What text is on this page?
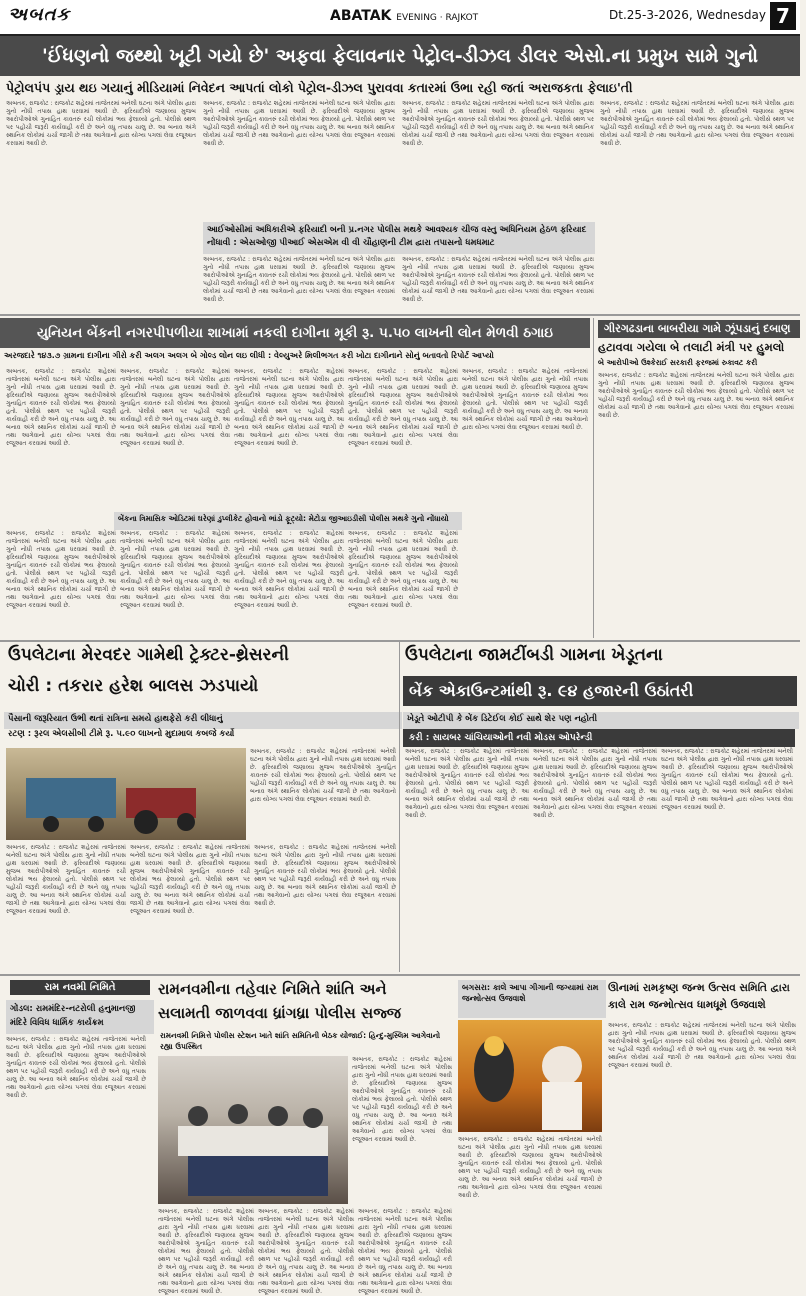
અબતક	ABATAK EVENING · RAJKOT	Dt.25-3-2026, Wednesday 7
'ઈંધણનો જથ્થો ખૂટી ગયો છે' અફવા ફેલાવનાર પેટ્રોલ-ડીઝલ ડીલર એસો.ના પ્રમુખ સામે ગુનો
પેટ્રોલપંપ ડ્રાય થઇ ગયાનું મીડિયામાં નિવેદન આપતાં લોકો પેટ્રોલ-ડીઝલ પુરાવવા કતારમાં ઉભા રહી જતાં અરાજકતા ફેલાઇ'તી
અબતક, રાજકોટ : રાજકોટ શહેરમાં તાજેતરમાં બનેલી ઘટના અંગે પોલીસ દ્વારા ગુનો નોંધી તપાસ હાથ ધરવામાં આવી છે. ફરિયાદીએ જણાવ્યા મુજબ આરોપીઓએ ગુનાહિત કાવતરું રચી લોકોમાં ભય ફેલાવ્યો હતો. પોલીસે સ્થળ પર પહોંચી જરૂરી કાર્યવાહી કરી છે અને વધુ તપાસ ચાલુ છે. આ બનાવ અંગે સ્થાનિક લોકોમાં ચર્ચા જાગી છે તથા આગેવાનો દ્વારા યોગ્ય પગલાં લેવા રજૂઆત કરવામાં આવી છે.
અબતક, રાજકોટ : રાજકોટ શહેરમાં તાજેતરમાં બનેલી ઘટના અંગે પોલીસ દ્વારા ગુનો નોંધી તપાસ હાથ ધરવામાં આવી છે. ફરિયાદીએ જણાવ્યા મુજબ આરોપીઓએ ગુનાહિત કાવતરું રચી લોકોમાં ભય ફેલાવ્યો હતો. પોલીસે સ્થળ પર પહોંચી જરૂરી કાર્યવાહી કરી છે અને વધુ તપાસ ચાલુ છે. આ બનાવ અંગે સ્થાનિક લોકોમાં ચર્ચા જાગી છે તથા આગેવાનો દ્વારા યોગ્ય પગલાં લેવા રજૂઆત કરવામાં આવી છે.
અબતક, રાજકોટ : રાજકોટ શહેરમાં તાજેતરમાં બનેલી ઘટના અંગે પોલીસ દ્વારા ગુનો નોંધી તપાસ હાથ ધરવામાં આવી છે. ફરિયાદીએ જણાવ્યા મુજબ આરોપીઓએ ગુનાહિત કાવતરું રચી લોકોમાં ભય ફેલાવ્યો હતો. પોલીસે સ્થળ પર પહોંચી જરૂરી કાર્યવાહી કરી છે અને વધુ તપાસ ચાલુ છે. આ બનાવ અંગે સ્થાનિક લોકોમાં ચર્ચા જાગી છે તથા આગેવાનો દ્વારા યોગ્ય પગલાં લેવા રજૂઆત કરવામાં આવી છે.
અબતક, રાજકોટ : રાજકોટ શહેરમાં તાજેતરમાં બનેલી ઘટના અંગે પોલીસ દ્વારા ગુનો નોંધી તપાસ હાથ ધરવામાં આવી છે. ફરિયાદીએ જણાવ્યા મુજબ આરોપીઓએ ગુનાહિત કાવતરું રચી લોકોમાં ભય ફેલાવ્યો હતો. પોલીસે સ્થળ પર પહોંચી જરૂરી કાર્યવાહી કરી છે અને વધુ તપાસ ચાલુ છે. આ બનાવ અંગે સ્થાનિક લોકોમાં ચર્ચા જાગી છે તથા આગેવાનો દ્વારા યોગ્ય પગલાં લેવા રજૂઆત કરવામાં આવી છે.
આઈઓસીમાં અધિકારીએ ફરિયાદી બની પ્ર.નગર પોલીસ મથકે આવશ્યક ચીજ વસ્તુ અધિનિયમ હેઠળ ફરિયાદ નોંધાવી : એસઓજી પીઆઈ એસએમ વી વી ચૌહાણની ટીમ દ્વારા તપાસનો ધમધમાટ
અબતક, રાજકોટ : રાજકોટ શહેરમાં તાજેતરમાં બનેલી ઘટના અંગે પોલીસ દ્વારા ગુનો નોંધી તપાસ હાથ ધરવામાં આવી છે. ફરિયાદીએ જણાવ્યા મુજબ આરોપીઓએ ગુનાહિત કાવતરું રચી લોકોમાં ભય ફેલાવ્યો હતો. પોલીસે સ્થળ પર પહોંચી જરૂરી કાર્યવાહી કરી છે અને વધુ તપાસ ચાલુ છે. આ બનાવ અંગે સ્થાનિક લોકોમાં ચર્ચા જાગી છે તથા આગેવાનો દ્વારા યોગ્ય પગલાં લેવા રજૂઆત કરવામાં આવી છે.
અબતક, રાજકોટ : રાજકોટ શહેરમાં તાજેતરમાં બનેલી ઘટના અંગે પોલીસ દ્વારા ગુનો નોંધી તપાસ હાથ ધરવામાં આવી છે. ફરિયાદીએ જણાવ્યા મુજબ આરોપીઓએ ગુનાહિત કાવતરું રચી લોકોમાં ભય ફેલાવ્યો હતો. પોલીસે સ્થળ પર પહોંચી જરૂરી કાર્યવાહી કરી છે અને વધુ તપાસ ચાલુ છે. આ બનાવ અંગે સ્થાનિક લોકોમાં ચર્ચા જાગી છે તથા આગેવાનો દ્વારા યોગ્ય પગલાં લેવા રજૂઆત કરવામાં આવી છે.
યુનિયન બેંકની નગરપીપળીયા શાખામાં નકલી દાગીના મૂકી રૂ. ૫.૫૦ લાખની લોન મેળવી ઠગાઇ
અરજદારે ૧૪૩.૭ ગ્રામના દાગીના ગીરો કરી અલગ અલગ બે ગોલ્ડ લોન લઇ લીધી : વેલ્યુઅરે મિલીભગત કરી ખોટા દાગીનાને સોનું બતાવતો રિપોર્ટ આપ્યો
અબતક, રાજકોટ : રાજકોટ શહેરમાં તાજેતરમાં બનેલી ઘટના અંગે પોલીસ દ્વારા ગુનો નોંધી તપાસ હાથ ધરવામાં આવી છે. ફરિયાદીએ જણાવ્યા મુજબ આરોપીઓએ ગુનાહિત કાવતરું રચી લોકોમાં ભય ફેલાવ્યો હતો. પોલીસે સ્થળ પર પહોંચી જરૂરી કાર્યવાહી કરી છે અને વધુ તપાસ ચાલુ છે. આ બનાવ અંગે સ્થાનિક લોકોમાં ચર્ચા જાગી છે તથા આગેવાનો દ્વારા યોગ્ય પગલાં લેવા રજૂઆત કરવામાં આવી છે.
અબતક, રાજકોટ : રાજકોટ શહેરમાં તાજેતરમાં બનેલી ઘટના અંગે પોલીસ દ્વારા ગુનો નોંધી તપાસ હાથ ધરવામાં આવી છે. ફરિયાદીએ જણાવ્યા મુજબ આરોપીઓએ ગુનાહિત કાવતરું રચી લોકોમાં ભય ફેલાવ્યો હતો. પોલીસે સ્થળ પર પહોંચી જરૂરી કાર્યવાહી કરી છે અને વધુ તપાસ ચાલુ છે. આ બનાવ અંગે સ્થાનિક લોકોમાં ચર્ચા જાગી છે તથા આગેવાનો દ્વારા યોગ્ય પગલાં લેવા રજૂઆત કરવામાં આવી છે.
અબતક, રાજકોટ : રાજકોટ શહેરમાં તાજેતરમાં બનેલી ઘટના અંગે પોલીસ દ્વારા ગુનો નોંધી તપાસ હાથ ધરવામાં આવી છે. ફરિયાદીએ જણાવ્યા મુજબ આરોપીઓએ ગુનાહિત કાવતરું રચી લોકોમાં ભય ફેલાવ્યો હતો. પોલીસે સ્થળ પર પહોંચી જરૂરી કાર્યવાહી કરી છે અને વધુ તપાસ ચાલુ છે. આ બનાવ અંગે સ્થાનિક લોકોમાં ચર્ચા જાગી છે તથા આગેવાનો દ્વારા યોગ્ય પગલાં લેવા રજૂઆત કરવામાં આવી છે.
અબતક, રાજકોટ : રાજકોટ શહેરમાં તાજેતરમાં બનેલી ઘટના અંગે પોલીસ દ્વારા ગુનો નોંધી તપાસ હાથ ધરવામાં આવી છે. ફરિયાદીએ જણાવ્યા મુજબ આરોપીઓએ ગુનાહિત કાવતરું રચી લોકોમાં ભય ફેલાવ્યો હતો. પોલીસે સ્થળ પર પહોંચી જરૂરી કાર્યવાહી કરી છે અને વધુ તપાસ ચાલુ છે. આ બનાવ અંગે સ્થાનિક લોકોમાં ચર્ચા જાગી છે તથા આગેવાનો દ્વારા યોગ્ય પગલાં લેવા રજૂઆત કરવામાં આવી છે.
અબતક, રાજકોટ : રાજકોટ શહેરમાં તાજેતરમાં બનેલી ઘટના અંગે પોલીસ દ્વારા ગુનો નોંધી તપાસ હાથ ધરવામાં આવી છે. ફરિયાદીએ જણાવ્યા મુજબ આરોપીઓએ ગુનાહિત કાવતરું રચી લોકોમાં ભય ફેલાવ્યો હતો. પોલીસે સ્થળ પર પહોંચી જરૂરી કાર્યવાહી કરી છે અને વધુ તપાસ ચાલુ છે. આ બનાવ અંગે સ્થાનિક લોકોમાં ચર્ચા જાગી છે તથા આગેવાનો દ્વારા યોગ્ય પગલાં લેવા રજૂઆત કરવામાં આવી છે.
બેંકના ત્રિમાસિક ઓડિટમાં ઘરેણાં ડુપ્લીકેટ હોવાનો ભાંડો ફૂટ્યો: મેટોડા જીઆઇડીસી પોલીસ મથકે ગુનો નોંધાયો
અબતક, રાજકોટ : રાજકોટ શહેરમાં તાજેતરમાં બનેલી ઘટના અંગે પોલીસ દ્વારા ગુનો નોંધી તપાસ હાથ ધરવામાં આવી છે. ફરિયાદીએ જણાવ્યા મુજબ આરોપીઓએ ગુનાહિત કાવતરું રચી લોકોમાં ભય ફેલાવ્યો હતો. પોલીસે સ્થળ પર પહોંચી જરૂરી કાર્યવાહી કરી છે અને વધુ તપાસ ચાલુ છે. આ બનાવ અંગે સ્થાનિક લોકોમાં ચર્ચા જાગી છે તથા આગેવાનો દ્વારા યોગ્ય પગલાં લેવા રજૂઆત કરવામાં આવી છે.
અબતક, રાજકોટ : રાજકોટ શહેરમાં તાજેતરમાં બનેલી ઘટના અંગે પોલીસ દ્વારા ગુનો નોંધી તપાસ હાથ ધરવામાં આવી છે. ફરિયાદીએ જણાવ્યા મુજબ આરોપીઓએ ગુનાહિત કાવતરું રચી લોકોમાં ભય ફેલાવ્યો હતો. પોલીસે સ્થળ પર પહોંચી જરૂરી કાર્યવાહી કરી છે અને વધુ તપાસ ચાલુ છે. આ બનાવ અંગે સ્થાનિક લોકોમાં ચર્ચા જાગી છે તથા આગેવાનો દ્વારા યોગ્ય પગલાં લેવા રજૂઆત કરવામાં આવી છે.
અબતક, રાજકોટ : રાજકોટ શહેરમાં તાજેતરમાં બનેલી ઘટના અંગે પોલીસ દ્વારા ગુનો નોંધી તપાસ હાથ ધરવામાં આવી છે. ફરિયાદીએ જણાવ્યા મુજબ આરોપીઓએ ગુનાહિત કાવતરું રચી લોકોમાં ભય ફેલાવ્યો હતો. પોલીસે સ્થળ પર પહોંચી જરૂરી કાર્યવાહી કરી છે અને વધુ તપાસ ચાલુ છે. આ બનાવ અંગે સ્થાનિક લોકોમાં ચર્ચા જાગી છે તથા આગેવાનો દ્વારા યોગ્ય પગલાં લેવા રજૂઆત કરવામાં આવી છે.
અબતક, રાજકોટ : રાજકોટ શહેરમાં તાજેતરમાં બનેલી ઘટના અંગે પોલીસ દ્વારા ગુનો નોંધી તપાસ હાથ ધરવામાં આવી છે. ફરિયાદીએ જણાવ્યા મુજબ આરોપીઓએ ગુનાહિત કાવતરું રચી લોકોમાં ભય ફેલાવ્યો હતો. પોલીસે સ્થળ પર પહોંચી જરૂરી કાર્યવાહી કરી છે અને વધુ તપાસ ચાલુ છે. આ બનાવ અંગે સ્થાનિક લોકોમાં ચર્ચા જાગી છે તથા આગેવાનો દ્વારા યોગ્ય પગલાં લેવા રજૂઆત કરવામાં આવી છે.
ગીરગઢડાના બાબરીયા ગામે ઝૂંપડાનું દબાણ
હટાવવા ગયેલા બે તલાટી મંત્રી પર હુમલો
બે આરોપીઓ ઉશ્કેરાઈ સરકારી ફરજમાં રુકાવટ કરી
અબતક, રાજકોટ : રાજકોટ શહેરમાં તાજેતરમાં બનેલી ઘટના અંગે પોલીસ દ્વારા ગુનો નોંધી તપાસ હાથ ધરવામાં આવી છે. ફરિયાદીએ જણાવ્યા મુજબ આરોપીઓએ ગુનાહિત કાવતરું રચી લોકોમાં ભય ફેલાવ્યો હતો. પોલીસે સ્થળ પર પહોંચી જરૂરી કાર્યવાહી કરી છે અને વધુ તપાસ ચાલુ છે. આ બનાવ અંગે સ્થાનિક લોકોમાં ચર્ચા જાગી છે તથા આગેવાનો દ્વારા યોગ્ય પગલાં લેવા રજૂઆત કરવામાં આવી છે.
ઉપલેટાના મેરવદર ગામેથી ટ્રેક્ટર-થ્રેસરની
ચોરી : તકરાર હરેશ બાલસ ઝડપાયો
પૈસાની જરૂરિયાત ઉભી થતાં રાત્રિના સમયે હાથફેરો કરી લીધાનું
રટણ : રૂરલ એલસીબી ટીમે રૂ. ૫.૯૦ લાખનો મુદામાલ કબજે કર્યો
અબતક, રાજકોટ : રાજકોટ શહેરમાં તાજેતરમાં બનેલી ઘટના અંગે પોલીસ દ્વારા ગુનો નોંધી તપાસ હાથ ધરવામાં આવી છે. ફરિયાદીએ જણાવ્યા મુજબ આરોપીઓએ ગુનાહિત કાવતરું રચી લોકોમાં ભય ફેલાવ્યો હતો. પોલીસે સ્થળ પર પહોંચી જરૂરી કાર્યવાહી કરી છે અને વધુ તપાસ ચાલુ છે. આ બનાવ અંગે સ્થાનિક લોકોમાં ચર્ચા જાગી છે તથા આગેવાનો દ્વારા યોગ્ય પગલાં લેવા રજૂઆત કરવામાં આવી છે.
અબતક, રાજકોટ : રાજકોટ શહેરમાં તાજેતરમાં બનેલી ઘટના અંગે પોલીસ દ્વારા ગુનો નોંધી તપાસ હાથ ધરવામાં આવી છે. ફરિયાદીએ જણાવ્યા મુજબ આરોપીઓએ ગુનાહિત કાવતરું રચી લોકોમાં ભય ફેલાવ્યો હતો. પોલીસે સ્થળ પર પહોંચી જરૂરી કાર્યવાહી કરી છે અને વધુ તપાસ ચાલુ છે. આ બનાવ અંગે સ્થાનિક લોકોમાં ચર્ચા જાગી છે તથા આગેવાનો દ્વારા યોગ્ય પગલાં લેવા રજૂઆત કરવામાં આવી છે.
અબતક, રાજકોટ : રાજકોટ શહેરમાં તાજેતરમાં બનેલી ઘટના અંગે પોલીસ દ્વારા ગુનો નોંધી તપાસ હાથ ધરવામાં આવી છે. ફરિયાદીએ જણાવ્યા મુજબ આરોપીઓએ ગુનાહિત કાવતરું રચી લોકોમાં ભય ફેલાવ્યો હતો. પોલીસે સ્થળ પર પહોંચી જરૂરી કાર્યવાહી કરી છે અને વધુ તપાસ ચાલુ છે. આ બનાવ અંગે સ્થાનિક લોકોમાં ચર્ચા જાગી છે તથા આગેવાનો દ્વારા યોગ્ય પગલાં લેવા રજૂઆત કરવામાં આવી છે.
અબતક, રાજકોટ : રાજકોટ શહેરમાં તાજેતરમાં બનેલી ઘટના અંગે પોલીસ દ્વારા ગુનો નોંધી તપાસ હાથ ધરવામાં આવી છે. ફરિયાદીએ જણાવ્યા મુજબ આરોપીઓએ ગુનાહિત કાવતરું રચી લોકોમાં ભય ફેલાવ્યો હતો. પોલીસે સ્થળ પર પહોંચી જરૂરી કાર્યવાહી કરી છે અને વધુ તપાસ ચાલુ છે. આ બનાવ અંગે સ્થાનિક લોકોમાં ચર્ચા જાગી છે તથા આગેવાનો દ્વારા યોગ્ય પગલાં લેવા રજૂઆત કરવામાં આવી છે.
ઉપલેટાના જામટીંબડી ગામના ખેડૂતના
બેંક એકાઉન્ટમાંથી રૂ. ૯૪ હજારની ઉઠાંતરી
ખેડૂતે ઓટીપી કે બેંક ડિટેઈલ કોઈ સાથે શેર પણ નહોતી
કરી : સાયબર ચાંચિયાઓની નવી મોડસ ઓપરેન્ડી
અબતક, રાજકોટ : રાજકોટ શહેરમાં તાજેતરમાં બનેલી ઘટના અંગે પોલીસ દ્વારા ગુનો નોંધી તપાસ હાથ ધરવામાં આવી છે. ફરિયાદીએ જણાવ્યા મુજબ આરોપીઓએ ગુનાહિત કાવતરું રચી લોકોમાં ભય ફેલાવ્યો હતો. પોલીસે સ્થળ પર પહોંચી જરૂરી કાર્યવાહી કરી છે અને વધુ તપાસ ચાલુ છે. આ બનાવ અંગે સ્થાનિક લોકોમાં ચર્ચા જાગી છે તથા આગેવાનો દ્વારા યોગ્ય પગલાં લેવા રજૂઆત કરવામાં આવી છે.
અબતક, રાજકોટ : રાજકોટ શહેરમાં તાજેતરમાં બનેલી ઘટના અંગે પોલીસ દ્વારા ગુનો નોંધી તપાસ હાથ ધરવામાં આવી છે. ફરિયાદીએ જણાવ્યા મુજબ આરોપીઓએ ગુનાહિત કાવતરું રચી લોકોમાં ભય ફેલાવ્યો હતો. પોલીસે સ્થળ પર પહોંચી જરૂરી કાર્યવાહી કરી છે અને વધુ તપાસ ચાલુ છે. આ બનાવ અંગે સ્થાનિક લોકોમાં ચર્ચા જાગી છે તથા આગેવાનો દ્વારા યોગ્ય પગલાં લેવા રજૂઆત કરવામાં આવી છે.
અબતક, રાજકોટ : રાજકોટ શહેરમાં તાજેતરમાં બનેલી ઘટના અંગે પોલીસ દ્વારા ગુનો નોંધી તપાસ હાથ ધરવામાં આવી છે. ફરિયાદીએ જણાવ્યા મુજબ આરોપીઓએ ગુનાહિત કાવતરું રચી લોકોમાં ભય ફેલાવ્યો હતો. પોલીસે સ્થળ પર પહોંચી જરૂરી કાર્યવાહી કરી છે અને વધુ તપાસ ચાલુ છે. આ બનાવ અંગે સ્થાનિક લોકોમાં ચર્ચા જાગી છે તથા આગેવાનો દ્વારા યોગ્ય પગલાં લેવા રજૂઆત કરવામાં આવી છે.
રામ નવમી નિમિતે
ગોંડલ: રામમંદિર-નટરોલી હનુમાનજી મંદિરે વિવિધ ધાર્મિક કાર્યક્રમ
અબતક, રાજકોટ : રાજકોટ શહેરમાં તાજેતરમાં બનેલી ઘટના અંગે પોલીસ દ્વારા ગુનો નોંધી તપાસ હાથ ધરવામાં આવી છે. ફરિયાદીએ જણાવ્યા મુજબ આરોપીઓએ ગુનાહિત કાવતરું રચી લોકોમાં ભય ફેલાવ્યો હતો. પોલીસે સ્થળ પર પહોંચી જરૂરી કાર્યવાહી કરી છે અને વધુ તપાસ ચાલુ છે. આ બનાવ અંગે સ્થાનિક લોકોમાં ચર્ચા જાગી છે તથા આગેવાનો દ્વારા યોગ્ય પગલાં લેવા રજૂઆત કરવામાં આવી છે.
રામનવમીના તહેવાર નિમિતે શાંતિ અને
સલામતી જાળવવા ધ્રાંગધ્રા પોલીસ સજ્જ
રામનવમી નિમિત્તે પોલીસ સ્ટેશન ખાતે શાંતિ સમિતિની બેઠક યોજાઈ: હિન્દુ-મુસ્લિમ આગેવાનો રહ્યા ઉપસ્થિત
અબતક, રાજકોટ : રાજકોટ શહેરમાં તાજેતરમાં બનેલી ઘટના અંગે પોલીસ દ્વારા ગુનો નોંધી તપાસ હાથ ધરવામાં આવી છે. ફરિયાદીએ જણાવ્યા મુજબ આરોપીઓએ ગુનાહિત કાવતરું રચી લોકોમાં ભય ફેલાવ્યો હતો. પોલીસે સ્થળ પર પહોંચી જરૂરી કાર્યવાહી કરી છે અને વધુ તપાસ ચાલુ છે. આ બનાવ અંગે સ્થાનિક લોકોમાં ચર્ચા જાગી છે તથા આગેવાનો દ્વારા યોગ્ય પગલાં લેવા રજૂઆત કરવામાં આવી છે.
અબતક, રાજકોટ : રાજકોટ શહેરમાં તાજેતરમાં બનેલી ઘટના અંગે પોલીસ દ્વારા ગુનો નોંધી તપાસ હાથ ધરવામાં આવી છે. ફરિયાદીએ જણાવ્યા મુજબ આરોપીઓએ ગુનાહિત કાવતરું રચી લોકોમાં ભય ફેલાવ્યો હતો. પોલીસે સ્થળ પર પહોંચી જરૂરી કાર્યવાહી કરી છે અને વધુ તપાસ ચાલુ છે. આ બનાવ અંગે સ્થાનિક લોકોમાં ચર્ચા જાગી છે તથા આગેવાનો દ્વારા યોગ્ય પગલાં લેવા રજૂઆત કરવામાં આવી છે.
અબતક, રાજકોટ : રાજકોટ શહેરમાં તાજેતરમાં બનેલી ઘટના અંગે પોલીસ દ્વારા ગુનો નોંધી તપાસ હાથ ધરવામાં આવી છે. ફરિયાદીએ જણાવ્યા મુજબ આરોપીઓએ ગુનાહિત કાવતરું રચી લોકોમાં ભય ફેલાવ્યો હતો. પોલીસે સ્થળ પર પહોંચી જરૂરી કાર્યવાહી કરી છે અને વધુ તપાસ ચાલુ છે. આ બનાવ અંગે સ્થાનિક લોકોમાં ચર્ચા જાગી છે તથા આગેવાનો દ્વારા યોગ્ય પગલાં લેવા રજૂઆત કરવામાં આવી છે.
અબતક, રાજકોટ : રાજકોટ શહેરમાં તાજેતરમાં બનેલી ઘટના અંગે પોલીસ દ્વારા ગુનો નોંધી તપાસ હાથ ધરવામાં આવી છે. ફરિયાદીએ જણાવ્યા મુજબ આરોપીઓએ ગુનાહિત કાવતરું રચી લોકોમાં ભય ફેલાવ્યો હતો. પોલીસે સ્થળ પર પહોંચી જરૂરી કાર્યવાહી કરી છે અને વધુ તપાસ ચાલુ છે. આ બનાવ અંગે સ્થાનિક લોકોમાં ચર્ચા જાગી છે તથા આગેવાનો દ્વારા યોગ્ય પગલાં લેવા રજૂઆત કરવામાં આવી છે.
બગસરા: કાલે આપા ગીગાની જગ્યામાં રામ જન્મોત્સવ ઉજવાશે
અબતક, રાજકોટ : રાજકોટ શહેરમાં તાજેતરમાં બનેલી ઘટના અંગે પોલીસ દ્વારા ગુનો નોંધી તપાસ હાથ ધરવામાં આવી છે. ફરિયાદીએ જણાવ્યા મુજબ આરોપીઓએ ગુનાહિત કાવતરું રચી લોકોમાં ભય ફેલાવ્યો હતો. પોલીસે સ્થળ પર પહોંચી જરૂરી કાર્યવાહી કરી છે અને વધુ તપાસ ચાલુ છે. આ બનાવ અંગે સ્થાનિક લોકોમાં ચર્ચા જાગી છે તથા આગેવાનો દ્વારા યોગ્ય પગલાં લેવા રજૂઆત કરવામાં આવી છે.
ઊનામાં રામકૃષ્ણ જન્મ ઉત્સવ સમિતિ દ્વારા કાલે રામ જન્મોત્સવ ધામધૂમે ઉજવાશે
અબતક, રાજકોટ : રાજકોટ શહેરમાં તાજેતરમાં બનેલી ઘટના અંગે પોલીસ દ્વારા ગુનો નોંધી તપાસ હાથ ધરવામાં આવી છે. ફરિયાદીએ જણાવ્યા મુજબ આરોપીઓએ ગુનાહિત કાવતરું રચી લોકોમાં ભય ફેલાવ્યો હતો. પોલીસે સ્થળ પર પહોંચી જરૂરી કાર્યવાહી કરી છે અને વધુ તપાસ ચાલુ છે. આ બનાવ અંગે સ્થાનિક લોકોમાં ચર્ચા જાગી છે તથા આગેવાનો દ્વારા યોગ્ય પગલાં લેવા રજૂઆત કરવામાં આવી છે.
